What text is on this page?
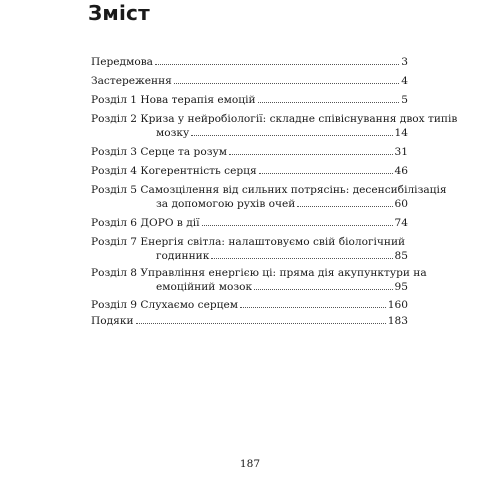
Зміст
Передмова	3
Застереження	4
Розділ 1 Нова терапія емоцій	5
Розділ 2 Криза у нейробіології: складне співіснування двох типів
мозку	14
Розділ 3 Серце та розум	31
Розділ 4 Когерентність серця	46
Розділ 5 Самозцілення від сильних потрясінь: десенсибілізація
за допомогою рухів очей	60
Розділ 6 ДОРО в дії	74
Розділ 7 Енергія світла: налаштовуємо свій біологічний
годинник	85
Розділ 8 Управління енергією ці: пряма дія акупунктури на
емоційний мозок	95
Розділ 9 Слухаємо серцем	160
Подяки	183
187
